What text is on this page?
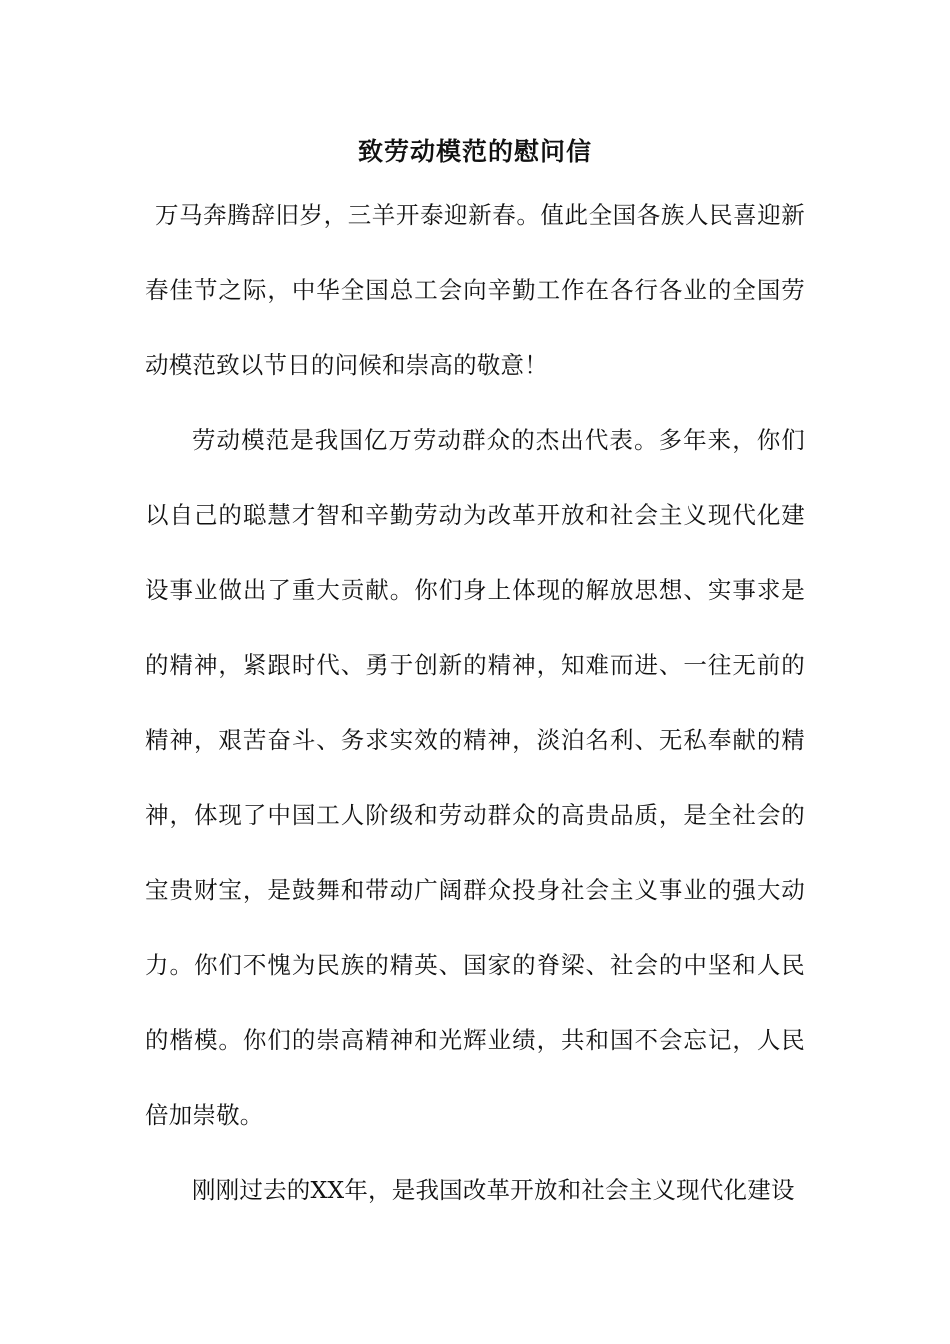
致劳动模范的慰问信

万马奔腾辞旧岁，三羊开泰迎新春。值此全国各族人民喜迎新春佳节之际，中华全国总工会向辛勤工作在各行各业的全国劳动模范致以节日的问候和崇高的敬意！

劳动模范是我国亿万劳动群众的杰出代表。多年来，你们以自己的聪慧才智和辛勤劳动为改革开放和社会主义现代化建设事业做出了重大贡献。你们身上体现的解放思想、实事求是的精神，紧跟时代、勇于创新的精神，知难而进、一往无前的精神，艰苦奋斗、务求实效的精神，淡泊名利、无私奉献的精神，体现了中国工人阶级和劳动群众的高贵品质，是全社会的宝贵财宝，是鼓舞和带动广阔群众投身社会主义事业的强大动力。你们不愧为民族的精英、国家的脊梁、社会的中坚和人民的楷模。你们的崇高精神和光辉业绩，共和国不会忘记，人民倍加崇敬。

刚刚过去的XX年，是我国改革开放和社会主义现代化建设
